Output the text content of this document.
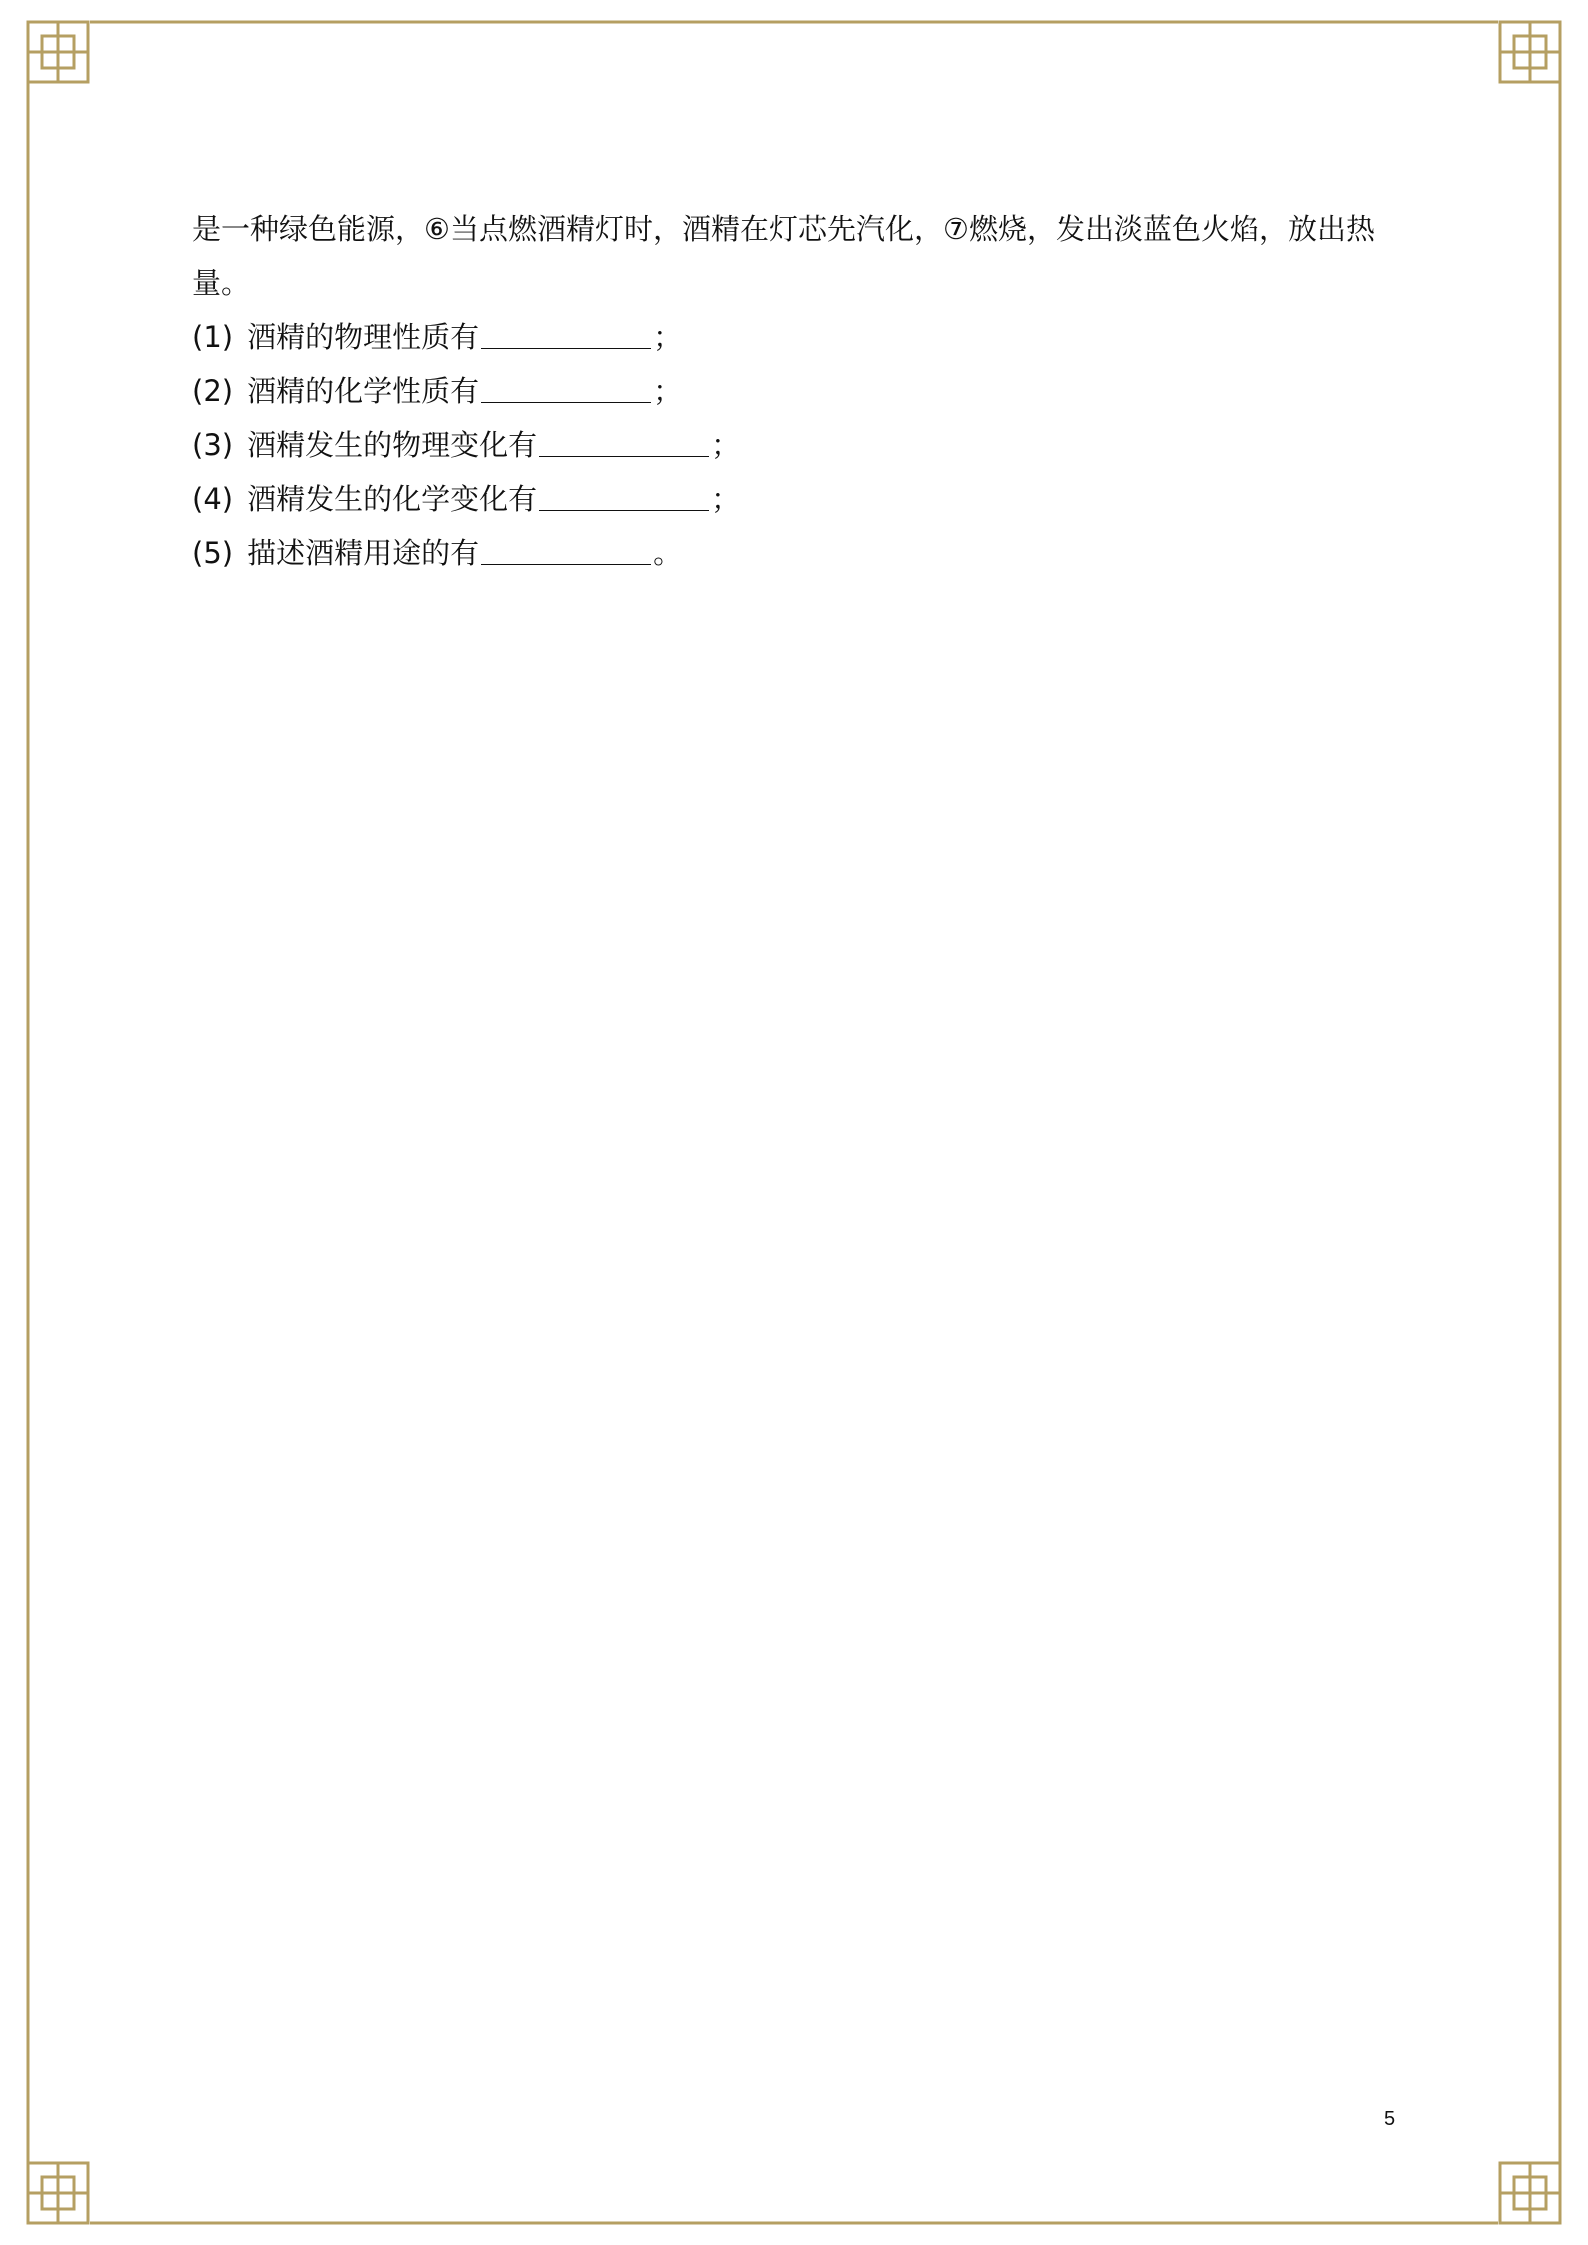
是一种绿色能源，⑥当点燃酒精灯时，酒精在灯芯先汽化，⑦燃烧，发出淡蓝色火焰，放出热

量。

(1) 酒精的物理性质有	；
(2) 酒精的化学性质有	；
(3) 酒精发生的物理变化有	；
(4) 酒精发生的化学变化有	；
(5) 描述酒精用途的有	。
5
